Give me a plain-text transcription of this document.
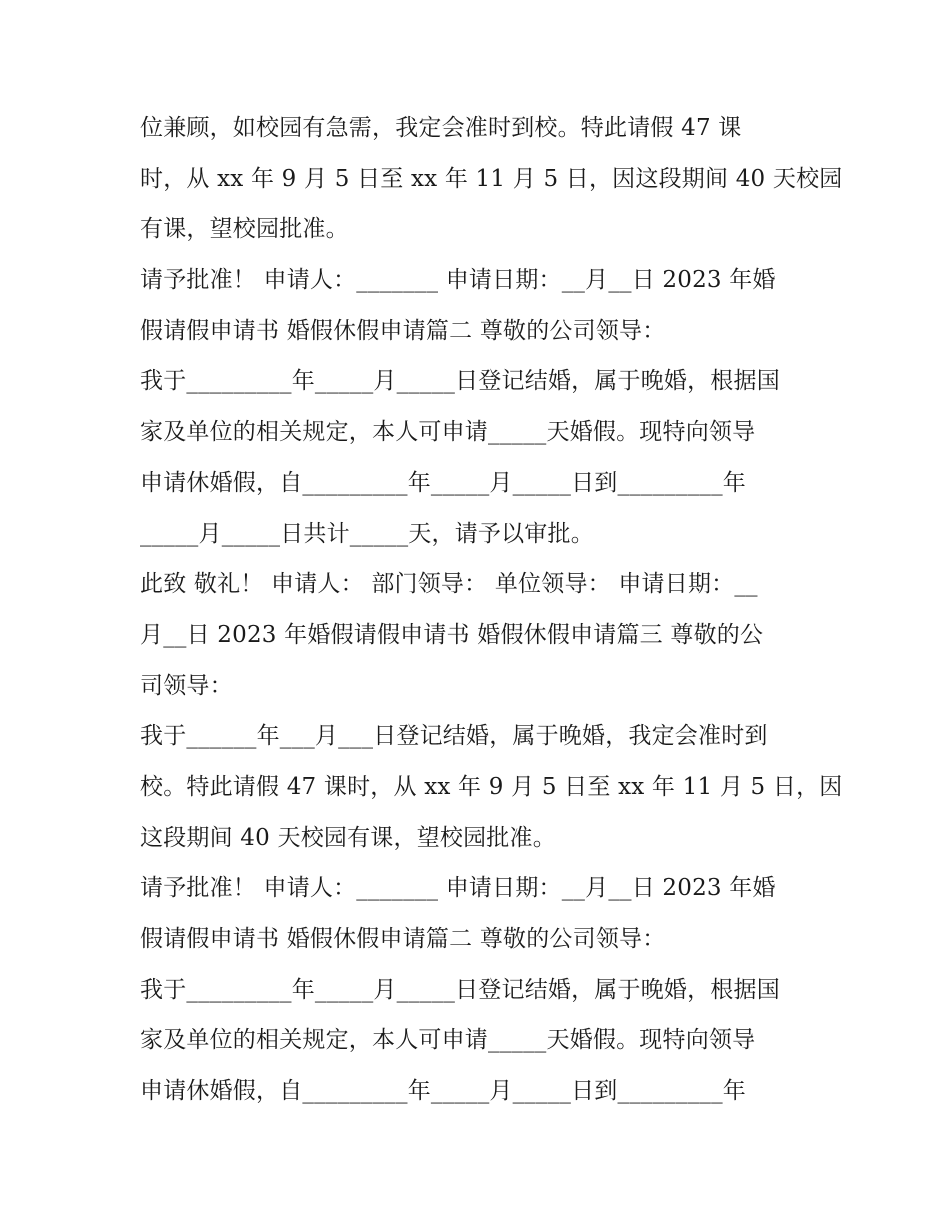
位兼顾，如校园有急需，我定会准时到校。特此请假 47 课
时，从 xx 年 9 月 5 日至 xx 年 11 月 5 日，因这段期间 40 天校园
有课，望校园批准。
请予批准！ 申请人：_______ 申请日期：__月__日 2023 年婚
假请假申请书 婚假休假申请篇二 尊敬的公司领导：
我于_________年_____月_____日登记结婚，属于晚婚，根据国
家及单位的相关规定，本人可申请_____天婚假。现特向领导
申请休婚假，自_________年_____月_____日到_________年
_____月_____日共计_____天，请予以审批。
此致 敬礼！ 申请人： 部门领导： 单位领导： 申请日期：__
月__日 2023 年婚假请假申请书 婚假休假申请篇三 尊敬的公
司领导：
我于______年___月___日登记结婚，属于晚婚，我定会准时到
校。特此请假 47 课时，从 xx 年 9 月 5 日至 xx 年 11 月 5 日，因
这段期间 40 天校园有课，望校园批准。
请予批准！ 申请人：_______ 申请日期：__月__日 2023 年婚
假请假申请书 婚假休假申请篇二 尊敬的公司领导：
我于_________年_____月_____日登记结婚，属于晚婚，根据国
家及单位的相关规定，本人可申请_____天婚假。现特向领导
申请休婚假，自_________年_____月_____日到_________年
